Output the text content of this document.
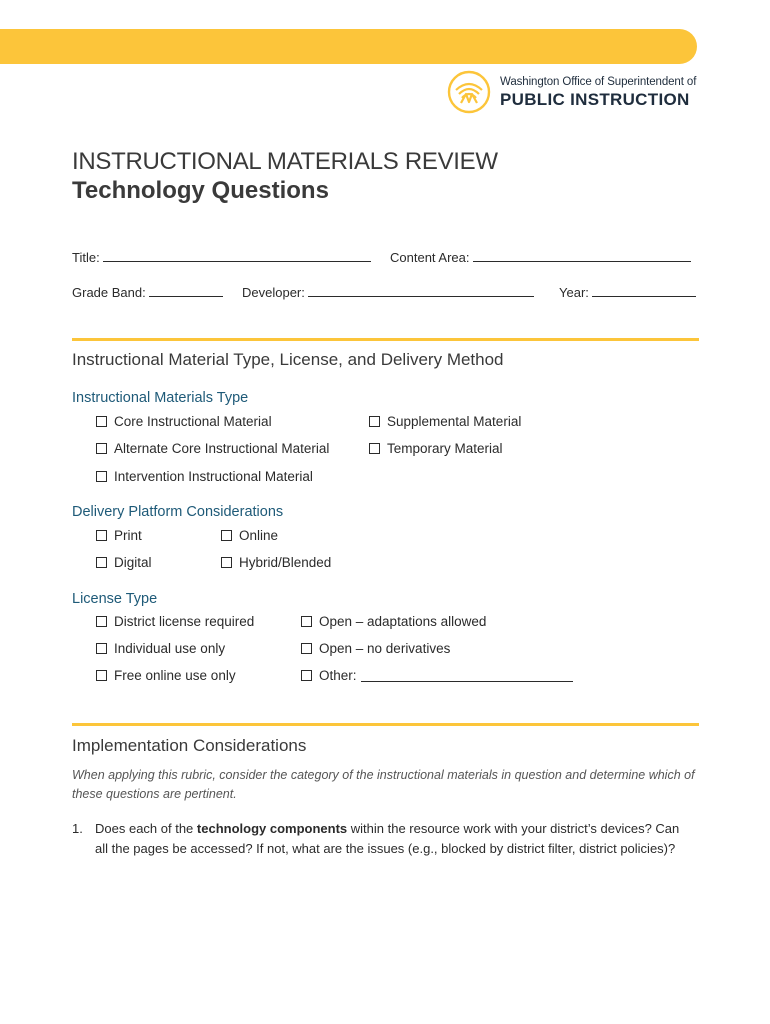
Washington Office of Superintendent of
PUBLIC INSTRUCTION
INSTRUCTIONAL MATERIALS REVIEW
Technology Questions
Title:	Content Area:
Grade Band:	Developer:	Year:
Instructional Material Type, License, and Delivery Method
Instructional Materials Type
Core Instructional Material	Supplemental Material
Alternate Core Instructional Material	Temporary Material
Intervention Instructional Material
Delivery Platform Considerations
Print	Online
Digital	Hybrid/Blended
License Type
District license required	Open – adaptations allowed
Individual use only	Open – no derivatives
Free online use only	Other:
Implementation Considerations
When applying this rubric, consider the category of the instructional materials in question and determine which of these questions are pertinent.
1. Does each of the technology components within the resource work with your district’s devices? Can all the pages be accessed? If not, what are the issues (e.g., blocked by district filter, district policies)?
